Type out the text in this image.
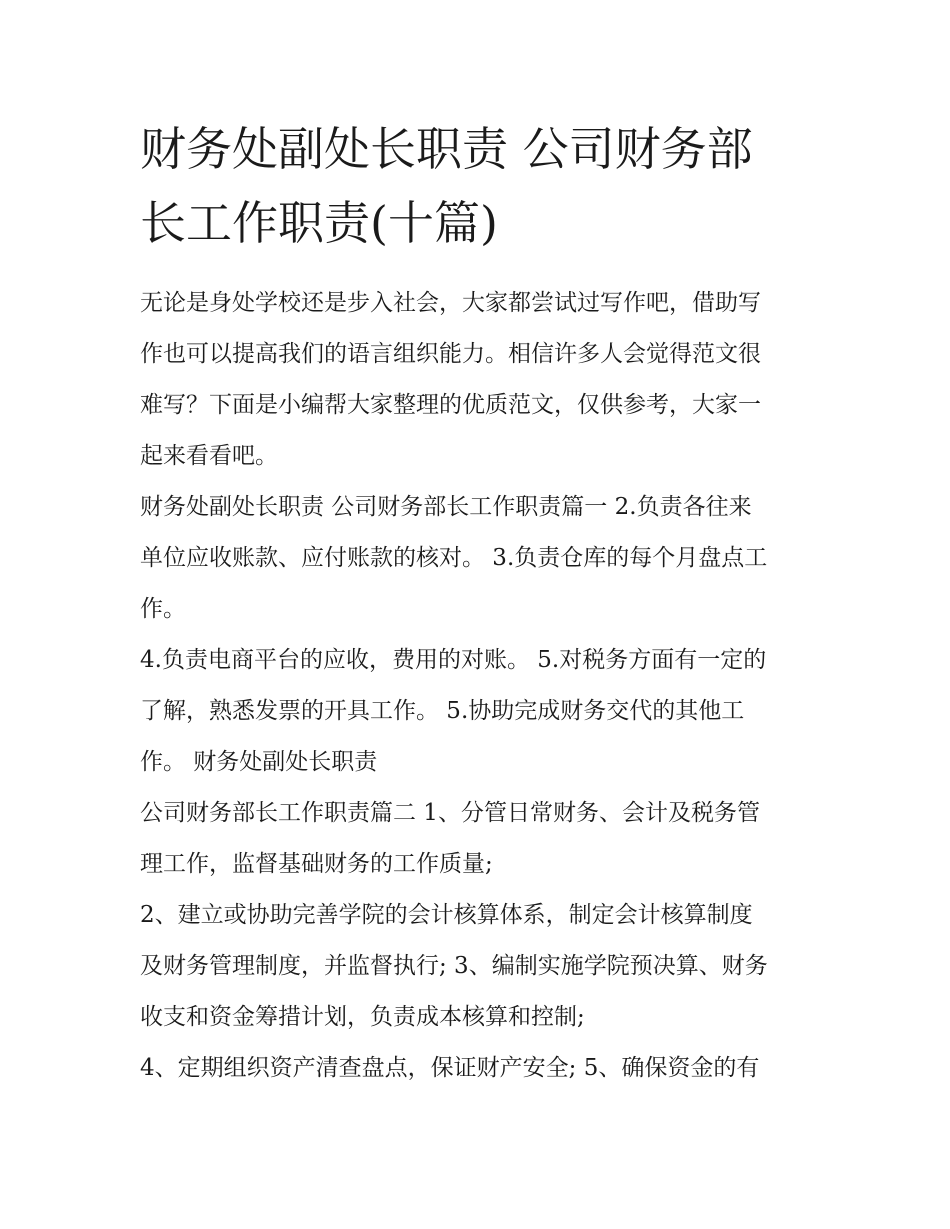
财务处副处长职责 公司财务部
长工作职责(十篇)
无论是身处学校还是步入社会，大家都尝试过写作吧，借助写
作也可以提高我们的语言组织能力。相信许多人会觉得范文很
难写？下面是小编帮大家整理的优质范文，仅供参考，大家一
起来看看吧。
财务处副处长职责 公司财务部长工作职责篇一 2.负责各往来
单位应收账款、应付账款的核对。 3.负责仓库的每个月盘点工
作。
4.负责电商平台的应收，费用的对账。 5.对税务方面有一定的
了解，熟悉发票的开具工作。 5.协助完成财务交代的其他工
作。 财务处副处长职责
公司财务部长工作职责篇二 1、分管日常财务、会计及税务管
理工作，监督基础财务的工作质量;
2、建立或协助完善学院的会计核算体系，制定会计核算制度
及财务管理制度，并监督执行; 3、编制实施学院预决算、财务
收支和资金筹措计划，负责成本核算和控制;
4、定期组织资产清查盘点，保证财产安全; 5、确保资金的有
